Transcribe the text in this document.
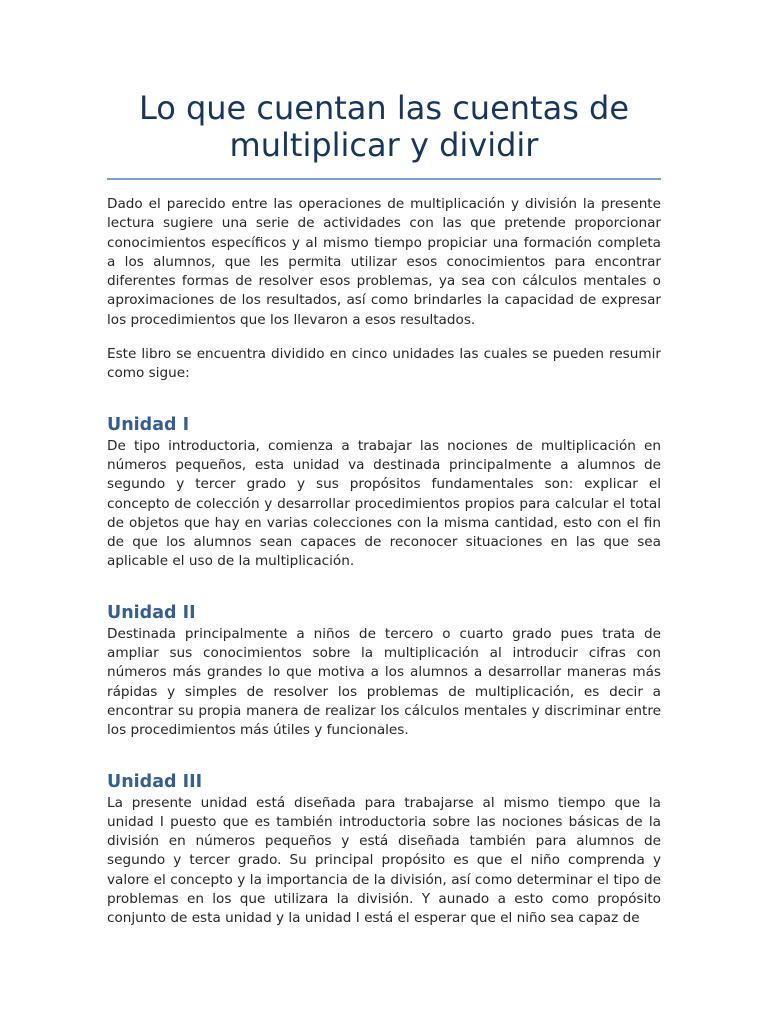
Lo que cuentan las cuentas de multiplicar y dividir

Dado el parecido entre las operaciones de multiplicación y división la presente lectura sugiere una serie de actividades con las que pretende proporcionar conocimientos específicos y al mismo tiempo propiciar una formación completa a los alumnos, que les permita utilizar esos conocimientos para encontrar diferentes formas de resolver esos problemas, ya sea con cálculos mentales o aproximaciones de los resultados, así como brindarles la capacidad de expresar los procedimientos que los llevaron a esos resultados.

Este libro se encuentra dividido en cinco unidades las cuales se pueden resumir como sigue:

Unidad I

De tipo introductoria, comienza a trabajar las nociones de multiplicación en números pequeños, esta unidad va destinada principalmente a alumnos de segundo y tercer grado y sus propósitos fundamentales son: explicar el concepto de colección y desarrollar procedimientos propios para calcular el total de objetos que hay en varias colecciones con la misma cantidad, esto con el fin de que los alumnos sean capaces de reconocer situaciones en las que sea aplicable el uso de la multiplicación.

Unidad II

Destinada principalmente a niños de tercero o cuarto grado pues trata de ampliar sus conocimientos sobre la multiplicación al introducir cifras con números más grandes lo que motiva a los alumnos a desarrollar maneras más rápidas y simples de resolver los problemas de multiplicación, es decir a encontrar su propia manera de realizar los cálculos mentales y discriminar entre los procedimientos más útiles y funcionales.

Unidad III

La presente unidad está diseñada para trabajarse al mismo tiempo que la unidad I puesto que es también introductoria sobre las nociones básicas de la división en números pequeños y está diseñada también para alumnos de segundo y tercer grado. Su principal propósito es que el niño comprenda y valore el concepto y la importancia de la división, así como determinar el tipo de problemas en los que utilizara la división. Y aunado a esto como propósito conjunto de esta unidad y la unidad I está el esperar que el niño sea capaz de
